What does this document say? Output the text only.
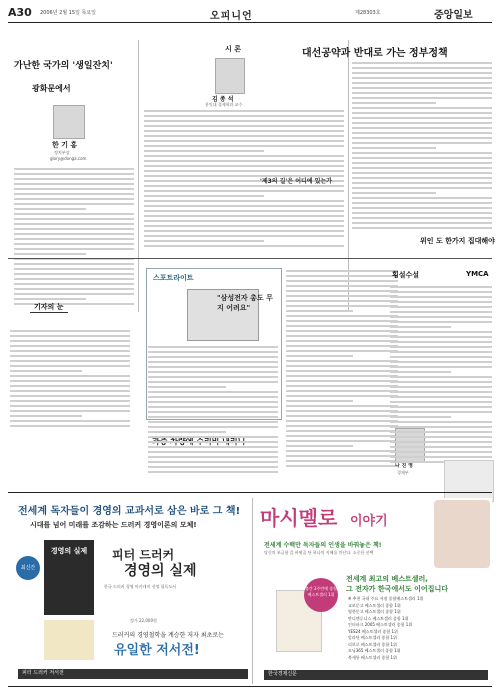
A30 2006년 2월 15일 목요일	오피니언	제28303호	중앙일보
가난한 국가의 '생일잔치'
광화문에서
한 기 홍
정치부장
glory@donga.com
시 론
김 종 석
홍익대 경제학과 교수
'제3의 길'은 어디에 있는가
대선공약과 반대로 가는 정부정책
기자의 눈
스포트라이트
"삼성전자 총도 무지 어려요"
나 진 영
경제부
횡설수설	YMCA
위인 도 한가지 집대해야
전세계 독자들이 경영의 교과서로 삼은 바로 그 책!
시대를 넘어 미래를 조감하는 드러커 경영이론의 모체!
최신간
경영의 실제	피터 드러커
경영의 실제
한국 드러커 경영 아카데미 선정 필독도서
정가 22,000원
드러커의 경영철학을 계승한 저자 최초로는
유일한 저서전!
피터 드러커 저서전
마시멜로 이야기
전세계 수백만 독자들의 인생을 바꿔놓은 책!
당신의 조급함 을 바꿔줄 단 하나의 지혜를 만난다. 소중한 선택
전세계 최고의 베스트셀러,
그 전자가 한국에서도 이어집니다
출간 3주만에 종합베스트셀러 1위
※ 추천 국내 주요 서점 종합베스트셀러 1위
교보문고 베스트셀러 종합 1위
영풍문고 베스트셀러 종합 1위
반디앤루니스 베스트셀러 종합 1위
인터파크 2005 베스트셀러 종합 1위
YES24 베스트셀러 종합 1위
알라딘 베스트셀러 종합 1위
리브로 베스트셀러 종합 1위
모닝365 베스트셀러 종합 1위
북새통 베스트셀러 종합 1위
한국경제신문
